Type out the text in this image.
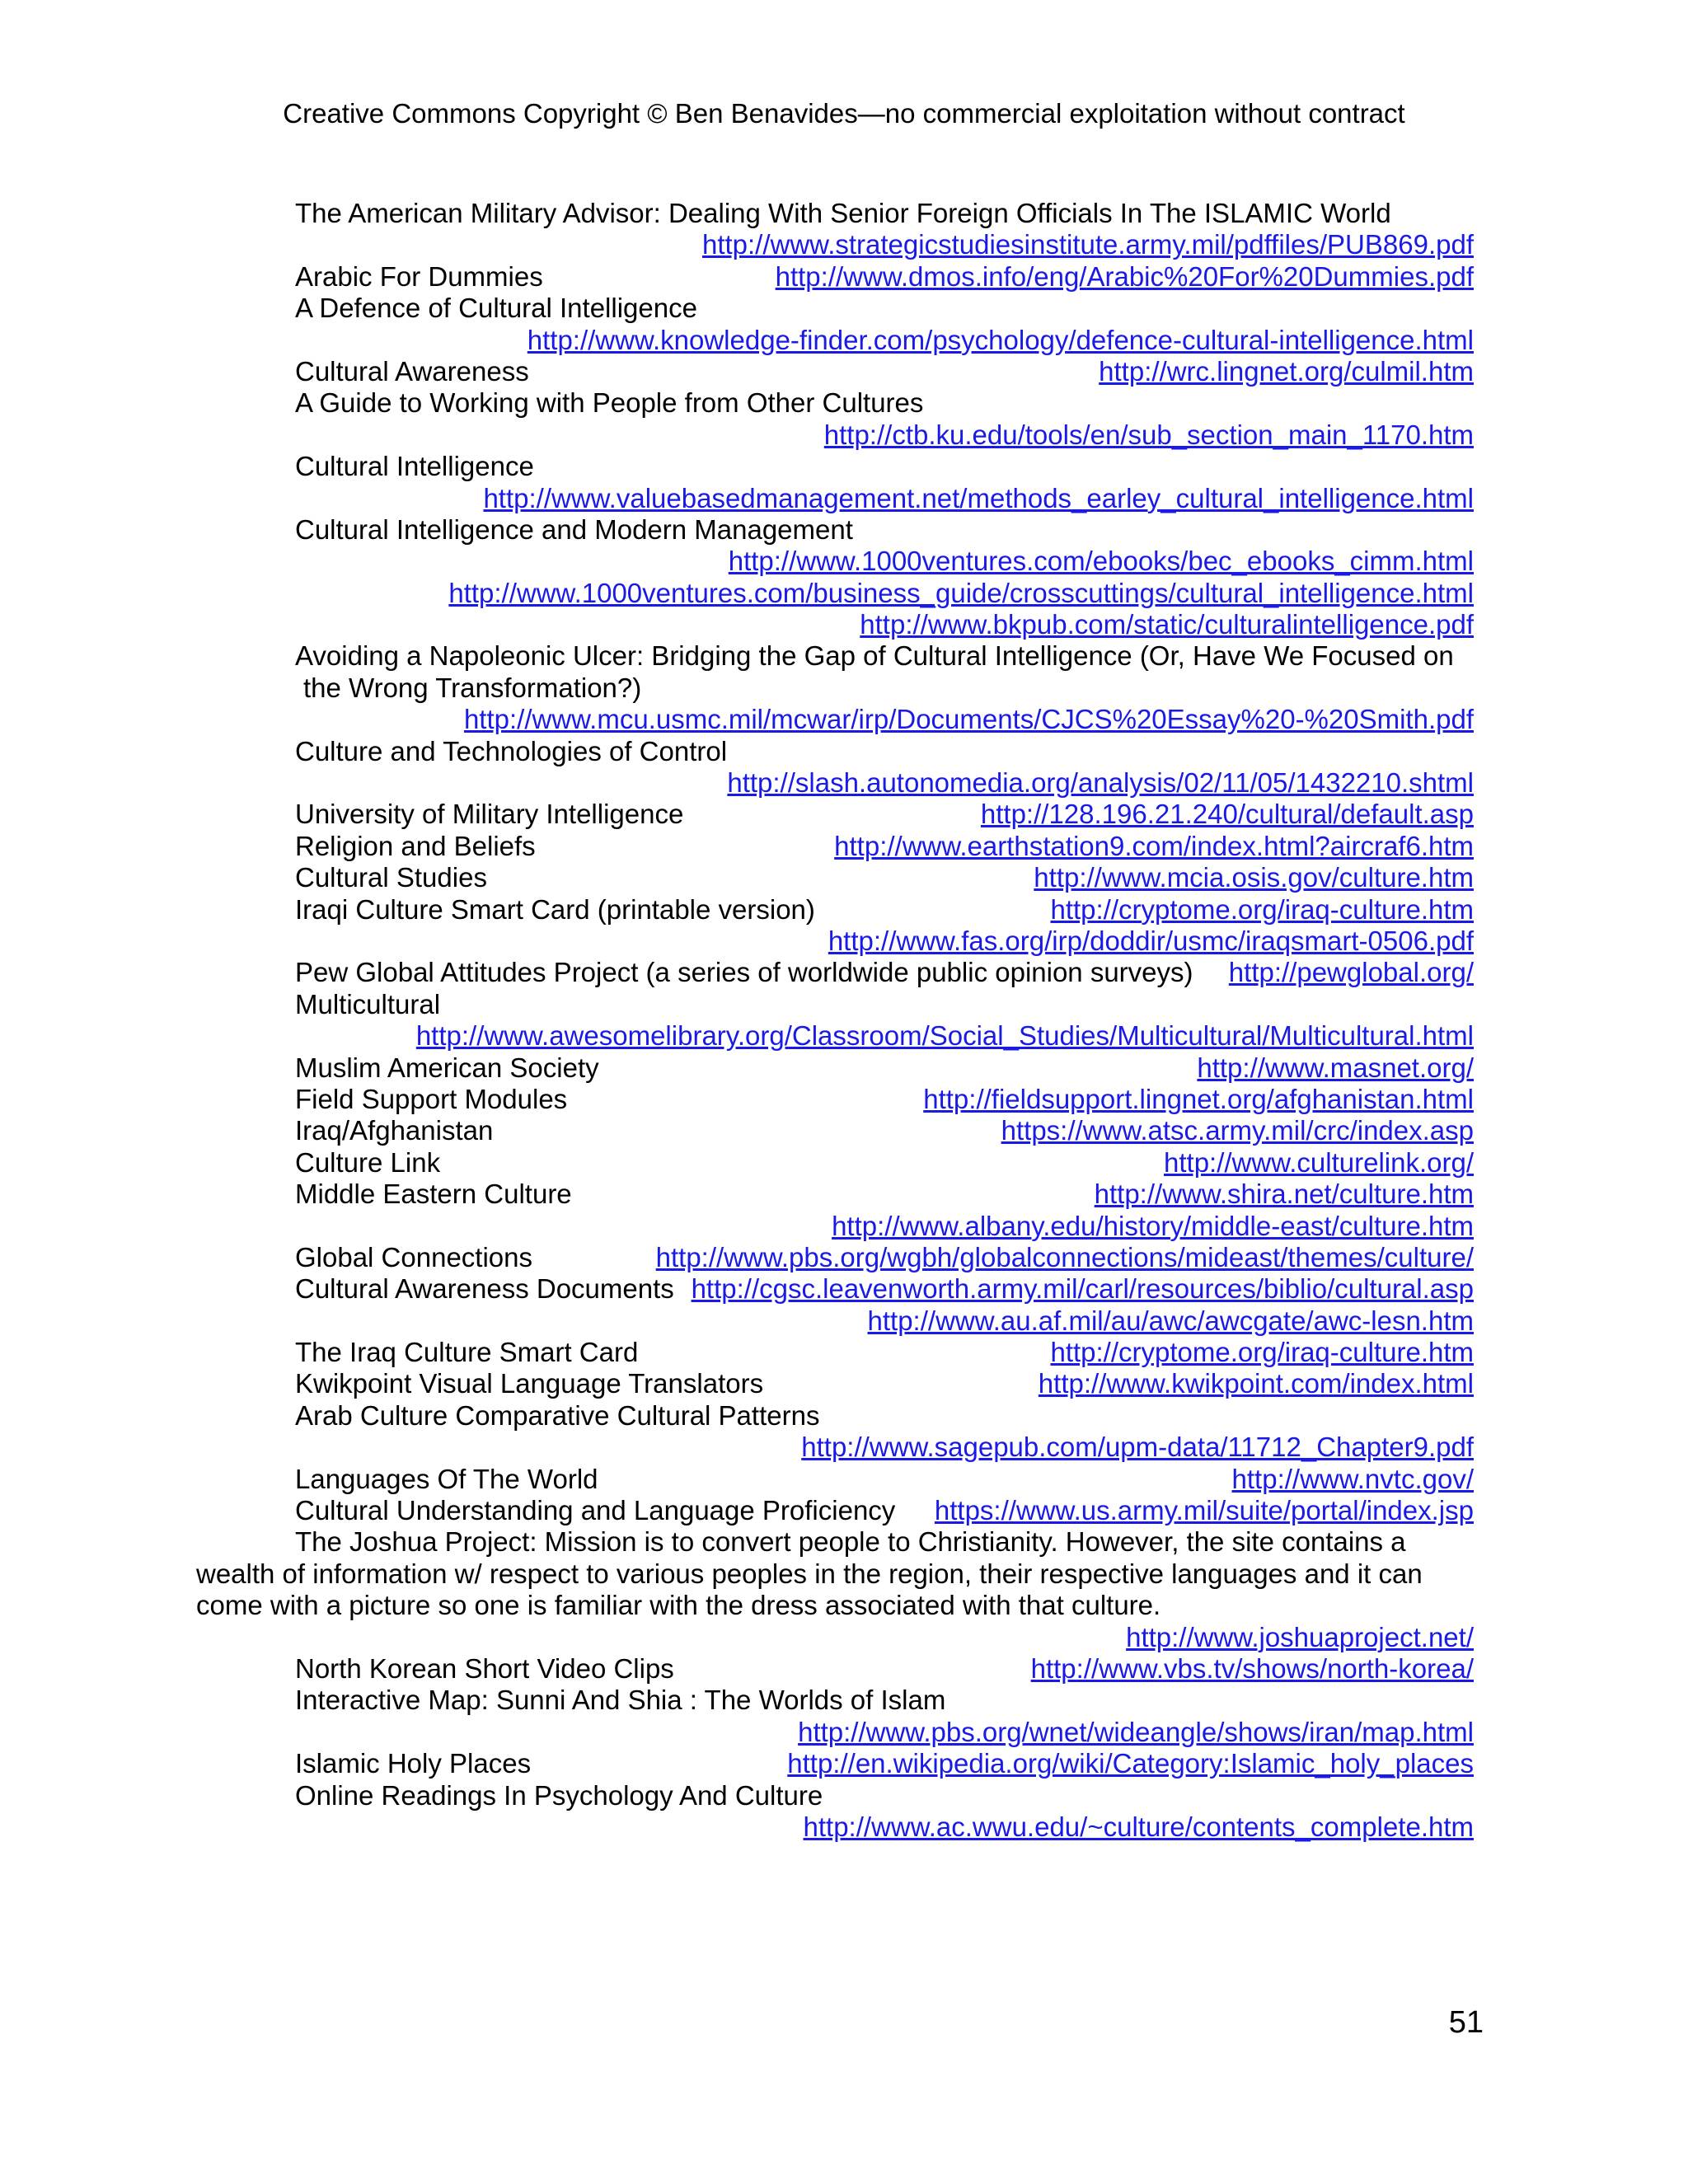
Creative Commons Copyright © Ben Benavides—no commercial exploitation without contract
The American Military Advisor: Dealing With Senior Foreign Officials In The ISLAMIC World
http://www.strategicstudiesinstitute.army.mil/pdffiles/PUB869.pdf
Arabic For Dummies	http://www.dmos.info/eng/Arabic%20For%20Dummies.pdf
A Defence of Cultural Intelligence
http://www.knowledge-finder.com/psychology/defence-cultural-intelligence.html
Cultural Awareness	http://wrc.lingnet.org/culmil.htm
A Guide to Working with People from Other Cultures
http://ctb.ku.edu/tools/en/sub_section_main_1170.htm
Cultural Intelligence
http://www.valuebasedmanagement.net/methods_earley_cultural_intelligence.html
Cultural Intelligence and Modern Management
http://www.1000ventures.com/ebooks/bec_ebooks_cimm.html
http://www.1000ventures.com/business_guide/crosscuttings/cultural_intelligence.html
http://www.bkpub.com/static/culturalintelligence.pdf
Avoiding a Napoleonic Ulcer: Bridging the Gap of Cultural Intelligence (Or, Have We Focused on
the Wrong Transformation?)
http://www.mcu.usmc.mil/mcwar/irp/Documents/CJCS%20Essay%20-%20Smith.pdf
Culture and Technologies of Control
http://slash.autonomedia.org/analysis/02/11/05/1432210.shtml
University of Military Intelligence	http://128.196.21.240/cultural/default.asp
Religion and Beliefs	http://www.earthstation9.com/index.html?aircraf6.htm
Cultural Studies	http://www.mcia.osis.gov/culture.htm
Iraqi Culture Smart Card (printable version)	http://cryptome.org/iraq-culture.htm
http://www.fas.org/irp/doddir/usmc/iraqsmart-0506.pdf
Pew Global Attitudes Project (a series of worldwide public opinion surveys) http://pewglobal.org/
Multicultural
http://www.awesomelibrary.org/Classroom/Social_Studies/Multicultural/Multicultural.html
Muslim American Society	http://www.masnet.org/
Field Support Modules	http://fieldsupport.lingnet.org/afghanistan.html
Iraq/Afghanistan	https://www.atsc.army.mil/crc/index.asp
Culture Link	http://www.culturelink.org/
Middle Eastern Culture	http://www.shira.net/culture.htm
http://www.albany.edu/history/middle-east/culture.htm
Global Connections	http://www.pbs.org/wgbh/globalconnections/mideast/themes/culture/
Cultural Awareness Documents http://cgsc.leavenworth.army.mil/carl/resources/biblio/cultural.asp
http://www.au.af.mil/au/awc/awcgate/awc-lesn.htm
The Iraq Culture Smart Card	http://cryptome.org/iraq-culture.htm
Kwikpoint Visual Language Translators	http://www.kwikpoint.com/index.html
Arab Culture Comparative Cultural Patterns
http://www.sagepub.com/upm-data/11712_Chapter9.pdf
Languages Of The World	http://www.nvtc.gov/
Cultural Understanding and Language Proficiency https://www.us.army.mil/suite/portal/index.jsp
The Joshua Project: Mission is to convert people to Christianity. However, the site contains a wealth of information w/ respect to various peoples in the region, their respective languages and it can come with a picture so one is familiar with the dress associated with that culture.
http://www.joshuaproject.net/
North Korean Short Video Clips	http://www.vbs.tv/shows/north-korea/
Interactive Map: Sunni And Shia : The Worlds of Islam
http://www.pbs.org/wnet/wideangle/shows/iran/map.html
Islamic Holy Places	http://en.wikipedia.org/wiki/Category:Islamic_holy_places
Online Readings In Psychology And Culture
http://www.ac.wwu.edu/~culture/contents_complete.htm
51
